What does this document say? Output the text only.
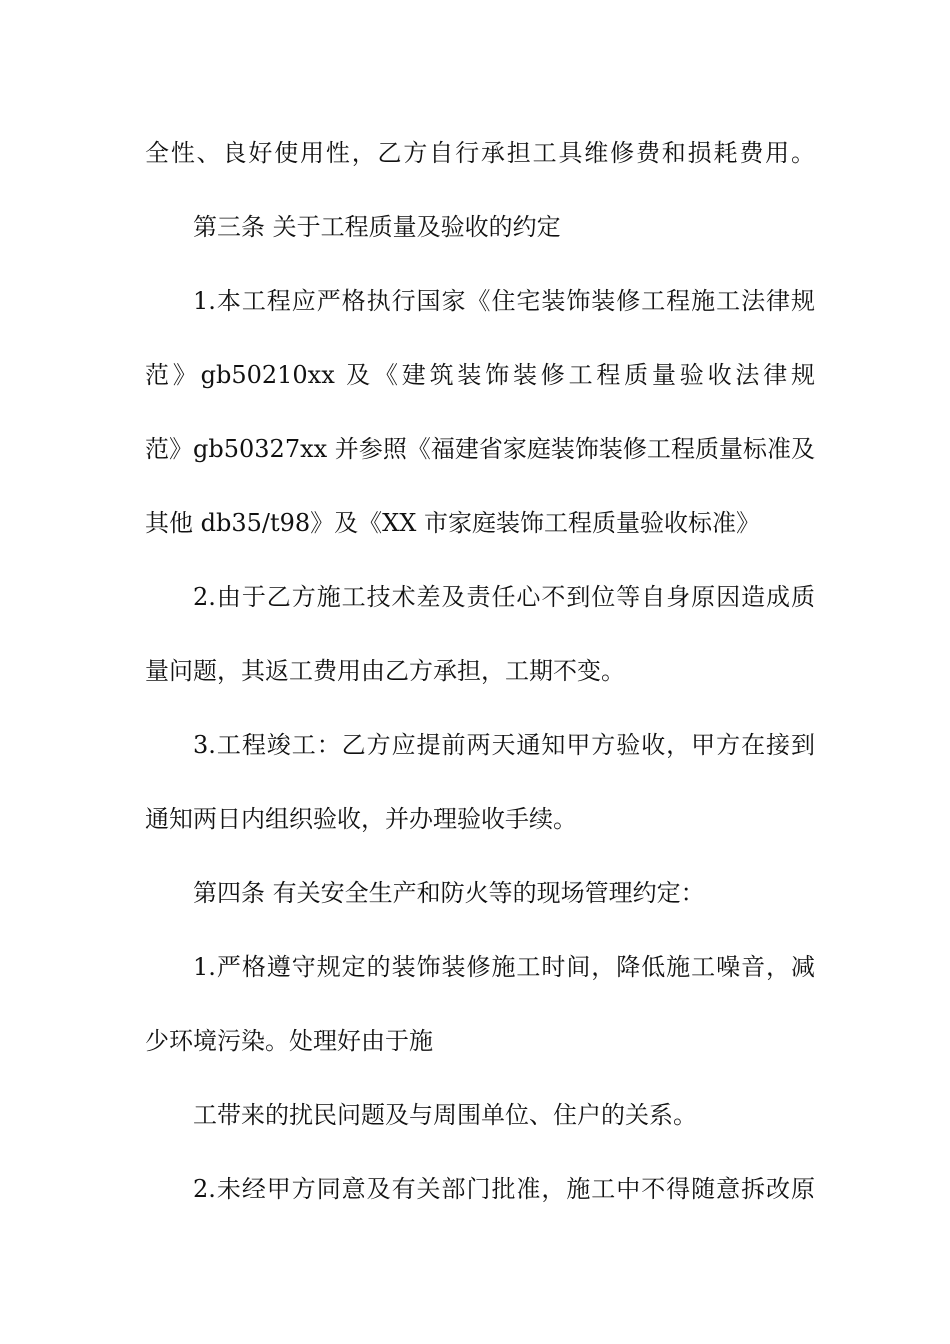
全性、良好使用性，乙方自行承担工具维修费和损耗费用。
第三条 关于工程质量及验收的约定
1.本工程应严格执行国家《住宅装饰装修工程施工法律规
范》gb50210xx 及《建筑装饰装修工程质量验收法律规
范》gb50327xx 并参照《福建省家庭装饰装修工程质量标准及
其他 db35/t98》及《XX 市家庭装饰工程质量验收标准》
2.由于乙方施工技术差及责任心不到位等自身原因造成质
量问题，其返工费用由乙方承担，工期不变。
3.工程竣工：乙方应提前两天通知甲方验收，甲方在接到
通知两日内组织验收，并办理验收手续。
第四条 有关安全生产和防火等的现场管理约定：
1.严格遵守规定的装饰装修施工时间，降低施工噪音，减
少环境污染。处理好由于施
工带来的扰民问题及与周围单位、住户的关系。
2.未经甲方同意及有关部门批准，施工中不得随意拆改原
